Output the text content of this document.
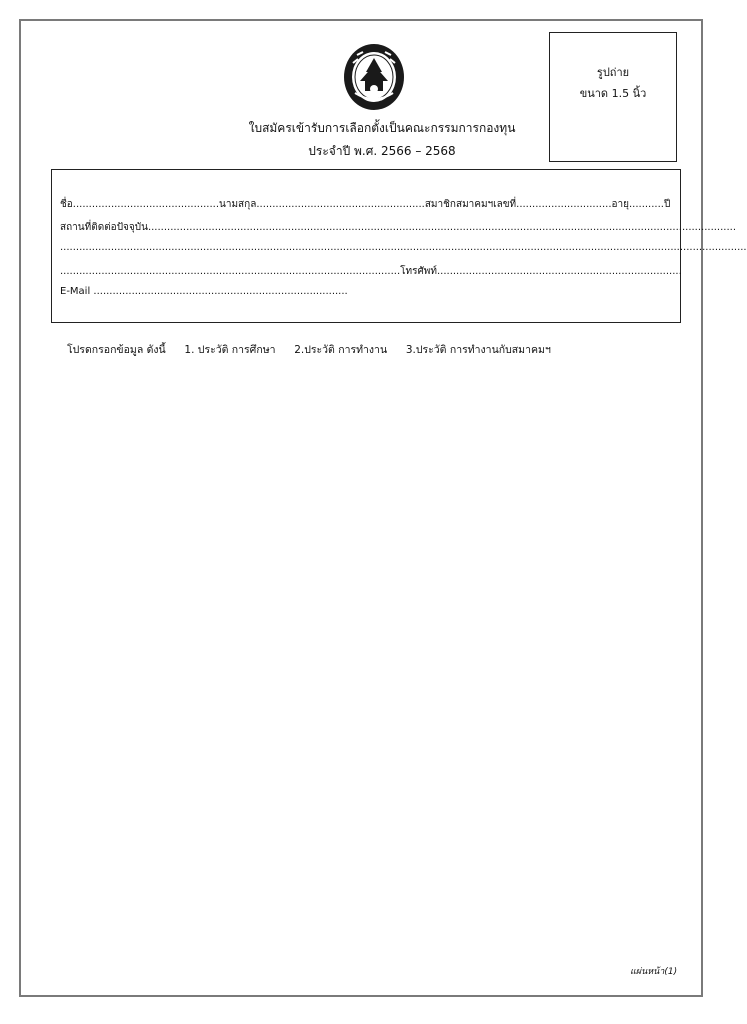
รูปถ่าย
ขนาด 1.5 นิ้ว
ใบสมัครเข้ารับการเลือกตั้งเป็นคณะกรรมการกองทุน
ประจำปี พ.ศ. 2566 – 2568
ชื่อ..............................................นามสกุล.....................................................สมาชิกสมาคมฯเลขที่..............................อายุ...........ปี
สถานที่ติดต่อปัจจุบัน.........................................................................................................................................................................................
........................................................................................................................................................................................................................
...........................................................................................................โทรศัพท์.............................................................................
E-Mail ................................................................................
โปรดกรอกข้อมูล ดังนี้ 1. ประวัติ การศึกษา 2.ประวัติ การทำงาน 3.ประวัติ การทำงานกับสมาคมฯ
แผ่นหน้า(1)
